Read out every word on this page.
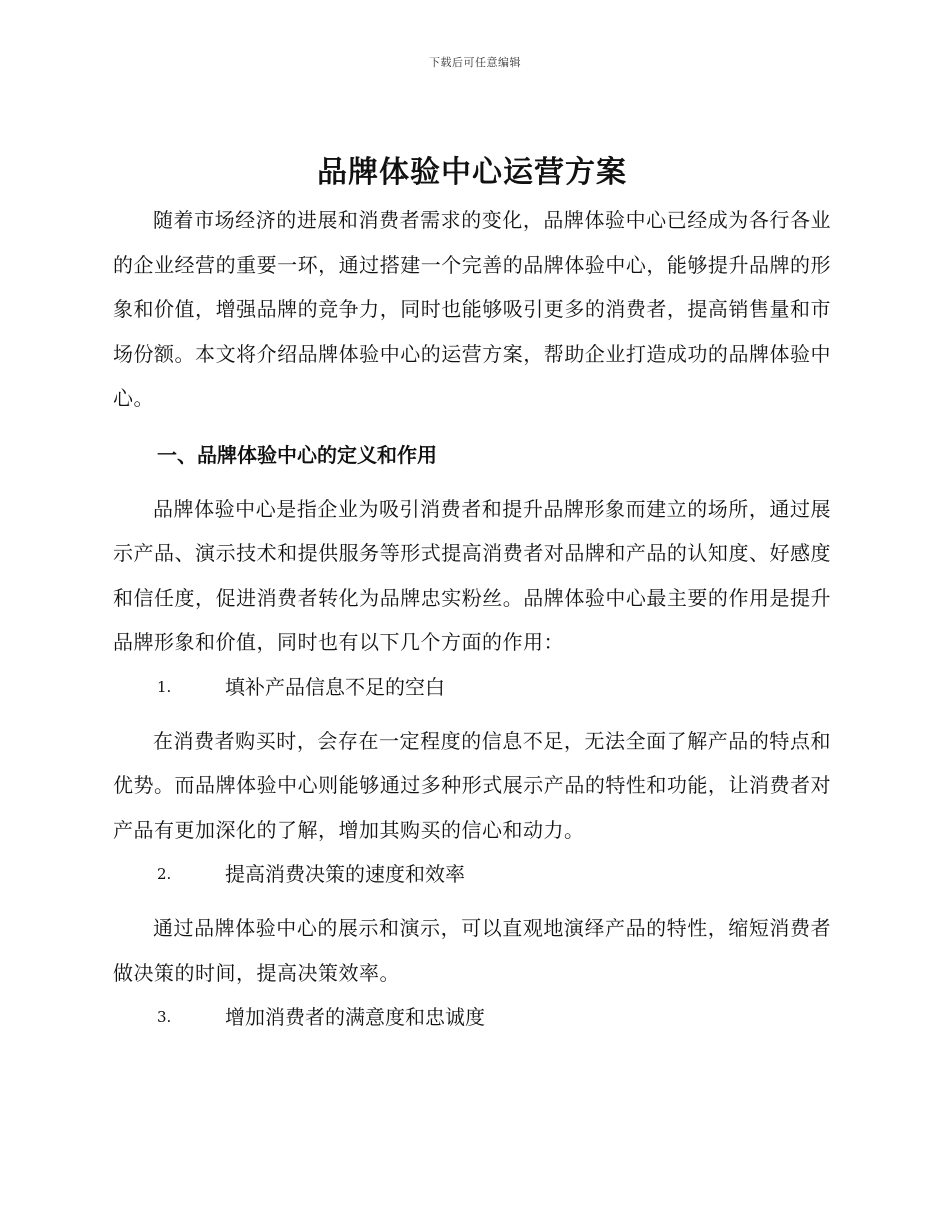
下载后可任意编辑
品牌体验中心运营方案

随着市场经济的进展和消费者需求的变化，品牌体验中心已经成为各行各业的企业经营的重要一环，通过搭建一个完善的品牌体验中心，能够提升品牌的形象和价值，增强品牌的竞争力，同时也能够吸引更多的消费者，提高销售量和市场份额。本文将介绍品牌体验中心的运营方案，帮助企业打造成功的品牌体验中心。

一、品牌体验中心的定义和作用

品牌体验中心是指企业为吸引消费者和提升品牌形象而建立的场所，通过展示产品、演示技术和提供服务等形式提高消费者对品牌和产品的认知度、好感度和信任度，促进消费者转化为品牌忠实粉丝。品牌体验中心最主要的作用是提升品牌形象和价值，同时也有以下几个方面的作用：

1.	填补产品信息不足的空白

在消费者购买时，会存在一定程度的信息不足，无法全面了解产品的特点和优势。而品牌体验中心则能够通过多种形式展示产品的特性和功能，让消费者对产品有更加深化的了解，增加其购买的信心和动力。

2.	提高消费决策的速度和效率

通过品牌体验中心的展示和演示，可以直观地演绎产品的特性，缩短消费者做决策的时间，提高决策效率。

3.	增加消费者的满意度和忠诚度
